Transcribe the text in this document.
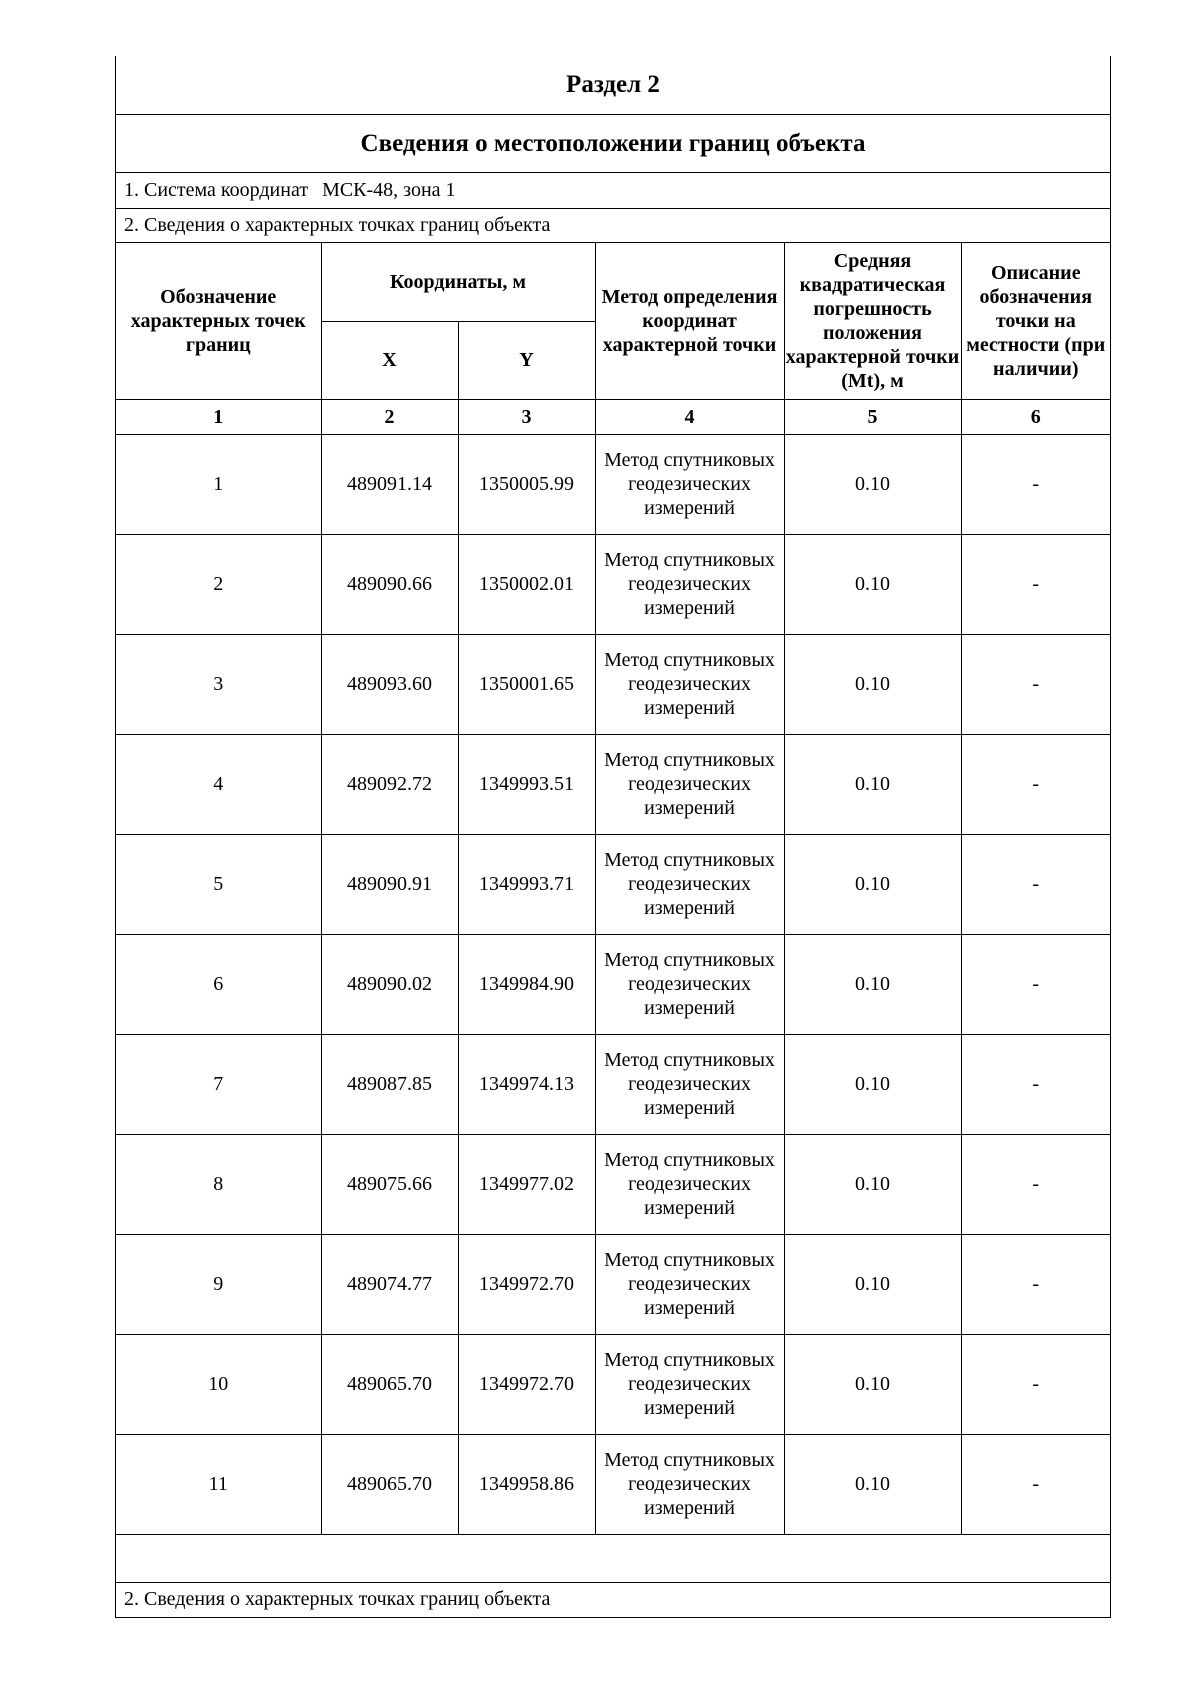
Раздел 2
Сведения о местоположении границ объекта
1. Система координат МСК-48, зона 1
2. Сведения о характерных точках границ объекта
Обозначение характерных точек границ	Координаты, м		Метод определения координат характерной точки	Средняя квадратическая погрешность положения характерной точки (Mt), м	Описание обозначения точки на местности (при наличии)
	X	Y			
1	2	3	4	5	6
1	489091.14	1350005.99	Метод спутниковых геодезических измерений	0.10	-
2	489090.66	1350002.01	Метод спутниковых геодезических измерений	0.10	-
3	489093.60	1350001.65	Метод спутниковых геодезических измерений	0.10	-
4	489092.72	1349993.51	Метод спутниковых геодезических измерений	0.10	-
5	489090.91	1349993.71	Метод спутниковых геодезических измерений	0.10	-
6	489090.02	1349984.90	Метод спутниковых геодезических измерений	0.10	-
7	489087.85	1349974.13	Метод спутниковых геодезических измерений	0.10	-
8	489075.66	1349977.02	Метод спутниковых геодезических измерений	0.10	-
9	489074.77	1349972.70	Метод спутниковых геодезических измерений	0.10	-
10	489065.70	1349972.70	Метод спутниковых геодезических измерений	0.10	-
11	489065.70	1349958.86	Метод спутниковых геодезических измерений	0.10	-
2. Сведения о характерных точках границ объекта
